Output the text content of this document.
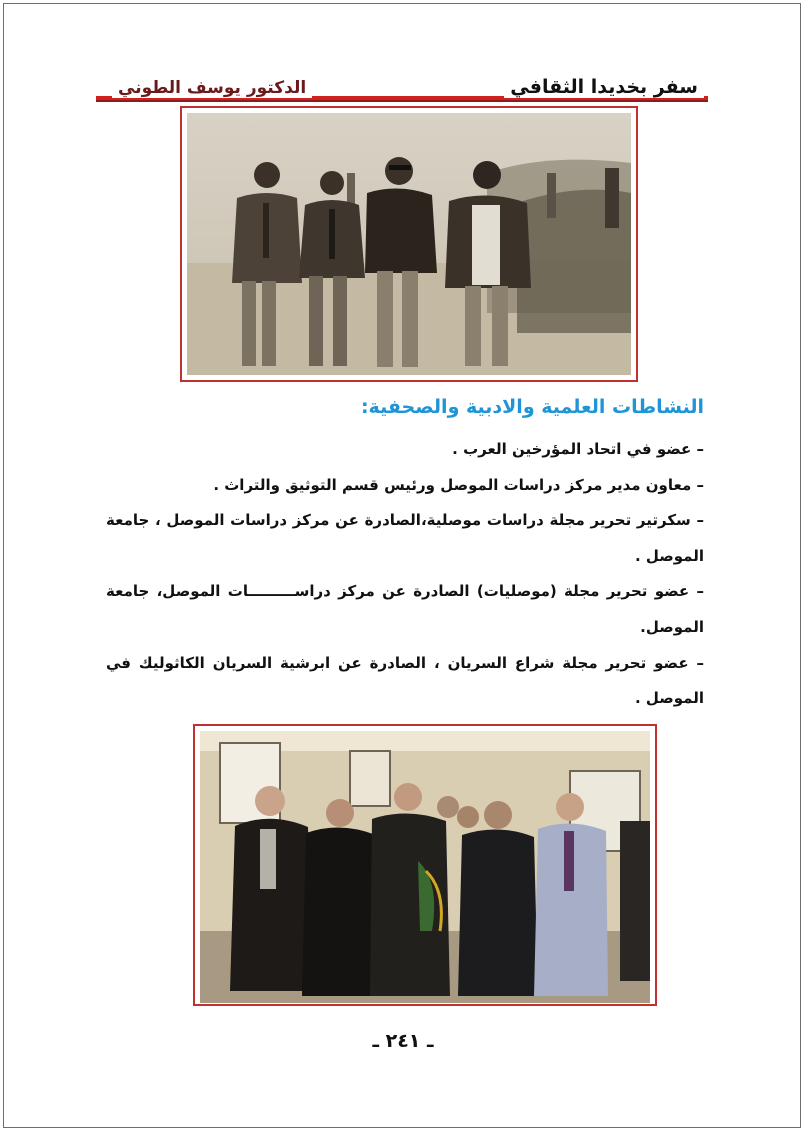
سفر بخديدا الثقافي
الدكتور يوسف الطوني
النشاطات العلمية والادبية والصحفية:
– عضو في اتحاد المؤرخين العرب .
– معاون مدير مركز دراسات الموصل ورئيس قسم التوثيق والتراث .
– سكرتير تحرير مجلة دراسات موصلية،الصادرة عن مركز دراسات الموصل ، جامعة الموصل .
– عضو تحرير مجلة (موصليات) الصادرة عن مركز دراســـــــــات الموصل، جامعة الموصل.
– عضو تحرير مجلة شراع السريان ، الصادرة عن ابرشية السريان الكاثوليك في الموصل .
ـ ٢٤١ ـ
